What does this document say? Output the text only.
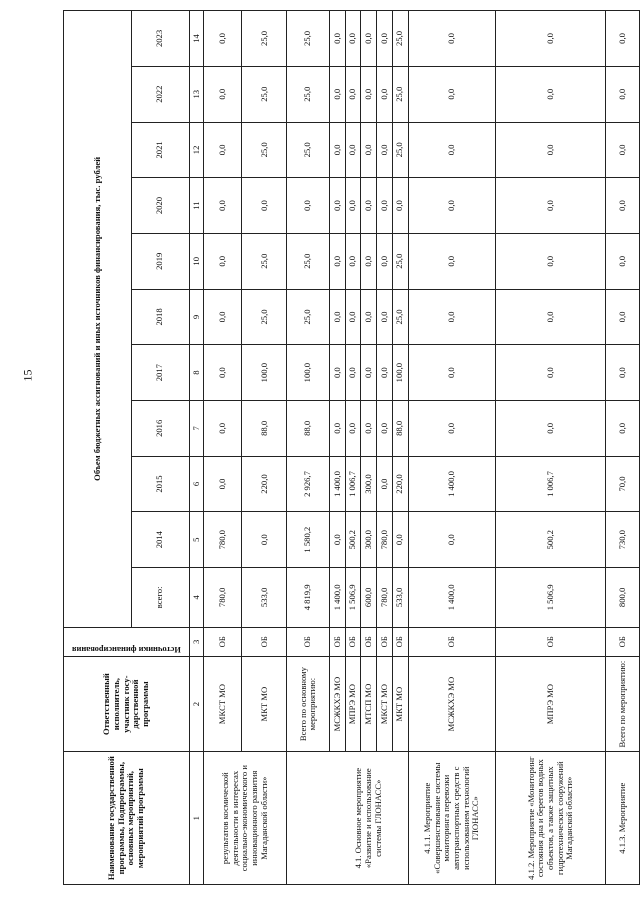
15
Наименование государственной программы, Подпрограммы, основных мероприятий, мероприятий программы	Ответственный исполнитель, участник госу- дарственной программы	Источники финансирования	Объем бюджетных ассигнований и иных источников финансирования, тыс. рублей										
			всего:	2014	2015	2016	2017	2018	2019	2020	2021	2022	2023
1	2	3	4	5	6	7	8	9	10	11	12	13	14
результатов космической деятельности в интересах социально-экономического и инновационного развития Магаданской области»	МКСТ МО	ОБ	780,0	780,0	0,0	0,0	0,0	0,0	0,0	0,0	0,0	0,0	0,0
	МКТ МО	ОБ	533,0	0,0	220,0	88,0	100,0	25,0	25,0	0,0	25,0	25,0	25,0
	Всего по основному мероприятию:	ОБ	4 819,9	1 580,2	2 926,7	88,0	100,0	25,0	25,0	0,0	25,0	25,0	25,0
4.1. Основное мероприятие «Развитие и использование системы ГЛОНАСС»	МСЖКХЭ МО	ОБ	1 400,0	0,0	1 400,0	0,0	0,0	0,0	0,0	0,0	0,0	0,0	0,0
	МПРЭ МО	ОБ	1 506,9	500,2	1 006,7	0,0	0,0	0,0	0,0	0,0	0,0	0,0	0,0
	МТСП МО	ОБ	600,0	300,0	300,0	0,0	0,0	0,0	0,0	0,0	0,0	0,0	0,0
	МКСТ МО	ОБ	780,0	780,0	0,0	0,0	0,0	0,0	0,0	0,0	0,0	0,0	0,0
	МКТ МО	ОБ	533,0	0,0	220,0	88,0	100,0	25,0	25,0	0,0	25,0	25,0	25,0
4.1.1. Мероприятие «Совершенствование системы мониторинга перевозки автотранспортных средств с использованием технологий ГЛОНАСС»	МСЖКХЭ МО	ОБ	1 400,0	0,0	1 400,0	0,0	0,0	0,0	0,0	0,0	0,0	0,0	0,0
4.1.2. Мероприятие «Мониторинг состояния дна и берегов водных объектов, а также защитных гидротехнических сооружений Магаданской области»	МПРЭ МО	ОБ	1 506,9	500,2	1 006,7	0,0	0,0	0,0	0,0	0,0	0,0	0,0	0,0
4.1.3. Мероприятие	Всего по мероприятию:	ОБ	800,0	730,0	70,0	0,0	0,0	0,0	0,0	0,0	0,0	0,0	0,0
